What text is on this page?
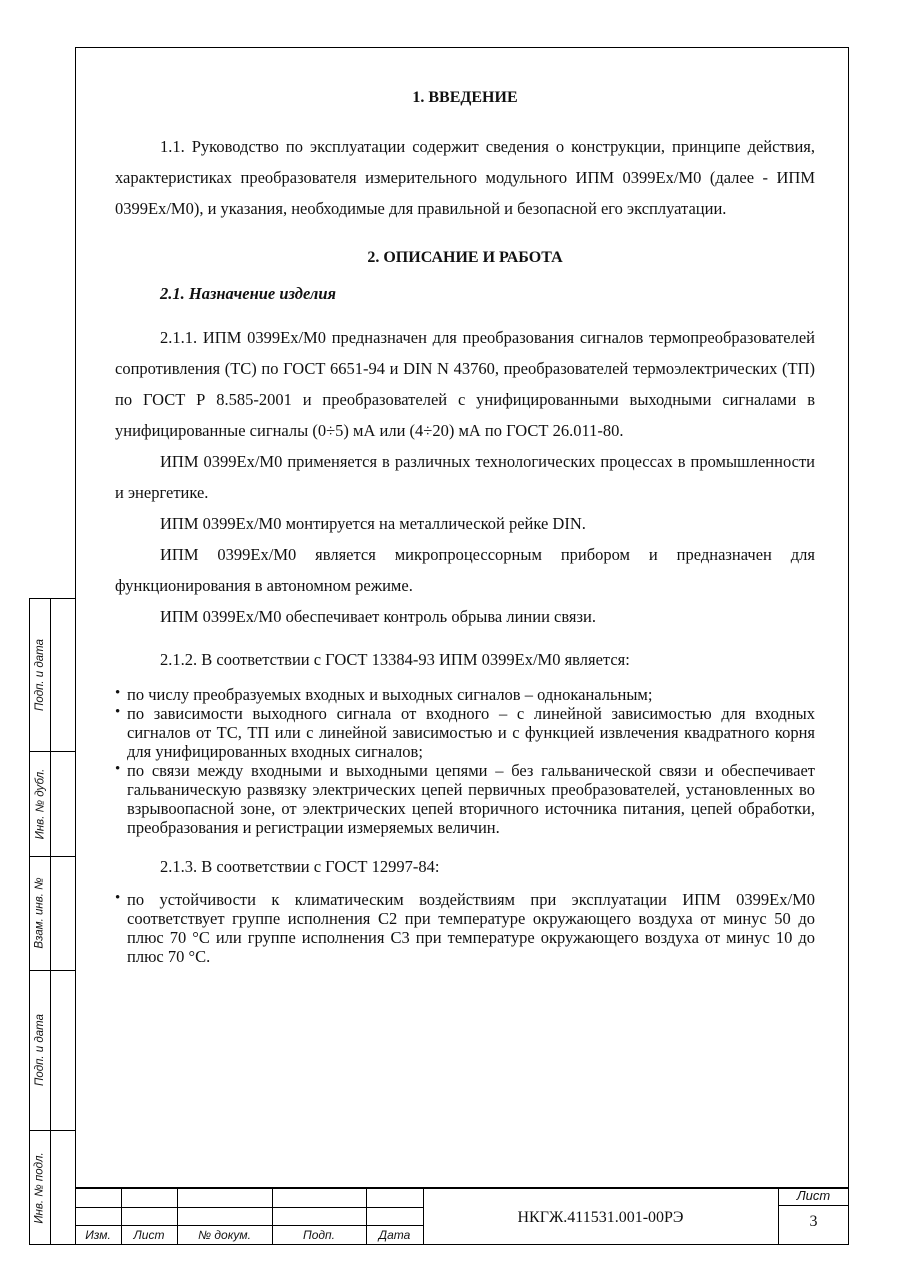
1. ВВЕДЕНИЕ

1.1. Руководство по эксплуатации содержит сведения о конструкции, принципе действия, характеристиках преобразователя измерительного модульного ИПМ 0399Ех/М0 (далее - ИПМ 0399Ех/М0), и указания, необходимые для правильной и безопасной его эксплуатации.

2. ОПИСАНИЕ И РАБОТА

2.1. Назначение изделия

2.1.1. ИПМ 0399Ех/М0 предназначен для преобразования сигналов термопреобразователей сопротивления (ТС) по ГОСТ 6651-94 и DIN N 43760, преобразователей термоэлектрических (ТП) по ГОСТ Р 8.585-2001 и преобразователей с унифицированными выходными сигналами в унифицированные сигналы (0÷5) мА или (4÷20) мА по ГОСТ 26.011-80.

ИПМ 0399Ех/М0 применяется в различных технологических процессах в промышленности и энергетике.

ИПМ 0399Ех/М0 монтируется на металлической рейке DIN.

ИПМ 0399Ех/М0 является микропроцессорным прибором и предназначен для функционирования в автономном режиме.

ИПМ 0399Ех/М0 обеспечивает контроль обрыва линии связи.

2.1.2. В соответствии с ГОСТ 13384-93 ИПМ 0399Ех/М0 является:

• по числу преобразуемых входных и выходных сигналов – одноканальным;
• по зависимости выходного сигнала от входного – с линейной зависимостью для входных сигналов от ТС, ТП или с линейной зависимостью и с функцией извлечения квадратного корня для унифицированных входных сигналов;
• по связи между входными и выходными цепями – без гальванической связи и обеспечивает гальваническую развязку электрических цепей первичных преобразователей, установленных во взрывоопасной зоне, от электрических цепей вторичного источника питания, цепей обработки, преобразования и регистрации измеряемых величин.

2.1.3. В соответствии с ГОСТ 12997-84:

• по устойчивости к климатическим воздействиям при эксплуатации ИПМ 0399Ех/М0 соответствует группе исполнения С2 при температуре окружающего воздуха от минус 50 до плюс 70 °С или группе исполнения С3 при температуре окружающего воздуха от минус 10 до плюс 70 °С.
Подп. и дата
Инв. № дубл.
Взам. инв. №
Подп. и дата
Инв. № подл.
Изм.	Лист	№ докум.	Подп.	Дата
НКГЖ.411531.001-00РЭ
Лист
3
